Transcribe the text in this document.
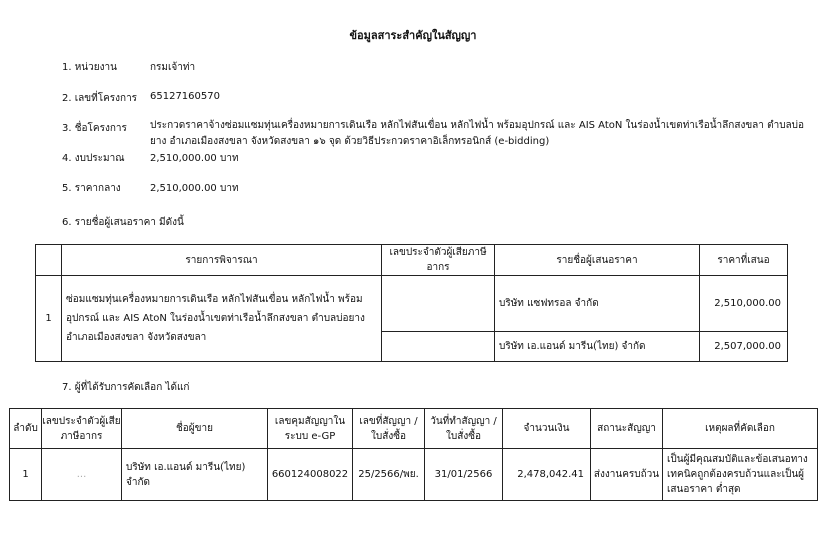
ข้อมูลสาระสำคัญในสัญญา
1. หน่วยงาน	กรมเจ้าท่า
2. เลขที่โครงการ 65127160570
3. ชื่อโครงการ ประกวดราคาจ้างซ่อมแซมทุ่นเครื่องหมายการเดินเรือ หลักไฟสันเขื่อน หลักไฟน้ำ พร้อมอุปกรณ์ และ AIS AtoN ในร่องน้ำเขตท่าเรือน้ำลึกสงขลา ตำบลบ่อยาง อำเภอเมืองสงขลา จังหวัดสงขลา ๑๖ จุด ด้วยวิธีประกวดราคาอิเล็กทรอนิกส์ (e-bidding)
4. งบประมาณ	2,510,000.00 บาท
5. ราคากลาง	2,510,000.00 บาท
6. รายชื่อผู้เสนอราคา มีดังนี้
	รายการพิจารณา	เลขประจำตัวผู้เสียภาษีอากร	รายชื่อผู้เสนอราคา	ราคาที่เสนอ
1	ซ่อมแซมทุ่นเครื่องหมายการเดินเรือ หลักไฟสันเขื่อน หลักไฟน้ำ พร้อมอุปกรณ์ และ AIS AtoN ในร่องน้ำเขตท่าเรือน้ำลึกสงขลา ตำบลบ่อยาง อำเภอเมืองสงขลา จังหวัดสงขลา		บริษัท แซฟทรอล จำกัด	2,510,000.00
			บริษัท เอ.แอนด์ มารีน(ไทย) จำกัด	2,507,000.00
7. ผู้ที่ได้รับการคัดเลือก ได้แก่
ลำดับ	เลขประจำตัวผู้เสียภาษีอากร	ชื่อผู้ขาย	เลขคุมสัญญาในระบบ e-GP	เลขที่สัญญา / ใบสั่งซื้อ	วันที่ทำสัญญา / ใบสั่งซื้อ	จำนวนเงิน	สถานะสัญญา	เหตุผลที่คัดเลือก
1	...	บริษัท เอ.แอนด์ มารีน(ไทย) จำกัด	660124008022	25/2566/พย.	31/01/2566	2,478,042.41	ส่งงานครบถ้วน	เป็นผู้มีคุณสมบัติและข้อเสนอทางเทคนิคถูกต้องครบถ้วนและเป็นผู้เสนอราคา ต่ำสุด
